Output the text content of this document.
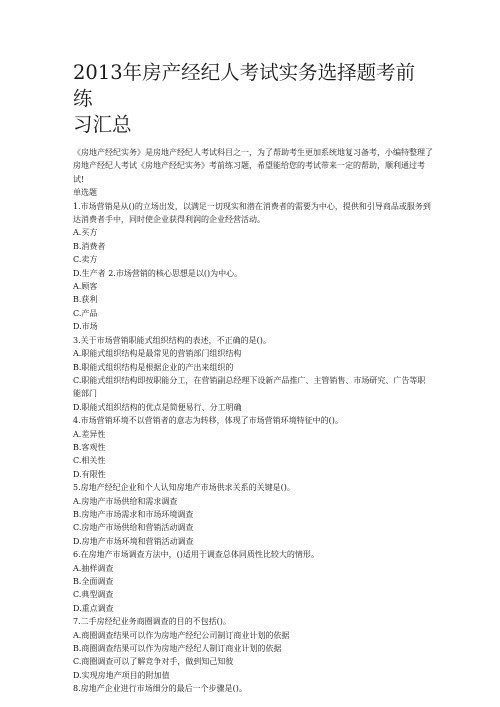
2013年房产经纪人考试实务选择题考前练
习汇总
《房地产经纪实务》是房地产经纪人考试科目之一，为了帮助考生更加系统地复习备考，小编特整理了房地产经纪人考试《房地产经纪实务》考前练习题，希望能给您的考试带来一定的帮助，顺利通过考试!
单选题
1.市场营销是从()的立场出发，以满足一切现实和潜在消费者的需要为中心，提供和引导商品或服务到达消费者手中，同时使企业获得利润的企业经营活动。
A.买方
B.消费者
C.卖方
D.生产者 2.市场营销的核心思想是以()为中心。
A.顾客
B.获利
C.产品
D.市场
3.关于市场营销职能式组织结构的表述，不正确的是()。
A.职能式组织结构是最常见的营销部门组织结构
B.职能式组织结构是根据企业的产出来组织的
C.职能式组织结构即按职能分工，在营销副总经理下设新产品推广、主管销售、市场研究、广告等职能部门
D.职能式组织结构的优点是简便易行、分工明确
4.市场营销环境不以营销者的意志为转移，体现了市场营销环境特征中的()。
A.差异性
B.客观性
C.相关性
D.有限性
5.房地产经纪企业和个人认知房地产市场供求关系的关键是()。
A.房地产市场供给和需求调查
B.房地产市场需求和市场环境调查
C.房地产市场供给和营销活动调查
D.房地产市场环境和营销活动调查
6.在房地产市场调查方法中，()适用于调查总体同质性比较大的情形。
A.抽样调查
B.全面调查
C.典型调查
D.重点调查
7.二手房经纪业务商圈调查的目的不包括()。
A.商圈调查结果可以作为房地产经纪公司制订商业计划的依据
B.商圈调查结果可以作为房地产经纪人制订商业计划的依据
C.商圈调查可以了解竞争对手，做到知己知彼
D.实现房地产项目的附加值
8.房地产企业进行市场细分的最后一个步骤是()。
